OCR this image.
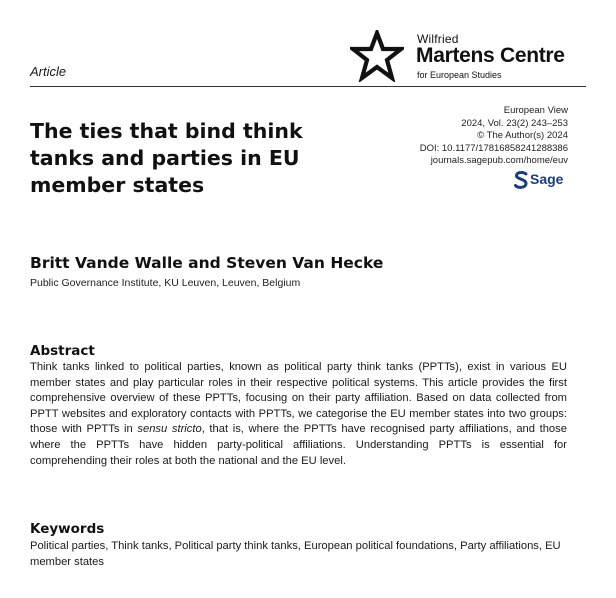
Article
Wilfried
Martens Centre
for European Studies
The ties that bind think tanks and parties in EU member states
European View
2024, Vol. 23(2) 243–253
© The Author(s) 2024
DOI: 10.1177/17816858241288386
journals.sagepub.com/home/euv
Sage
Britt Vande Walle and Steven Van Hecke
Public Governance Institute, KU Leuven, Leuven, Belgium
Abstract

Think tanks linked to political parties, known as political party think tanks (PPTTs), exist in various EU member states and play particular roles in their respective political systems. This article provides the first comprehensive overview of these PPTTs, focusing on their party affiliation. Based on data collected from PPTT websites and exploratory contacts with PPTTs, we categorise the EU member states into two groups: those with PPTTs in sensu stricto, that is, where the PPTTs have recognised party affiliations, and those where the PPTTs have hidden party-political affiliations. Understanding PPTTs is essential for comprehending their roles at both the national and the EU level.

Keywords

Political parties, Think tanks, Political party think tanks, European political foundations, Party affiliations, EU member states
